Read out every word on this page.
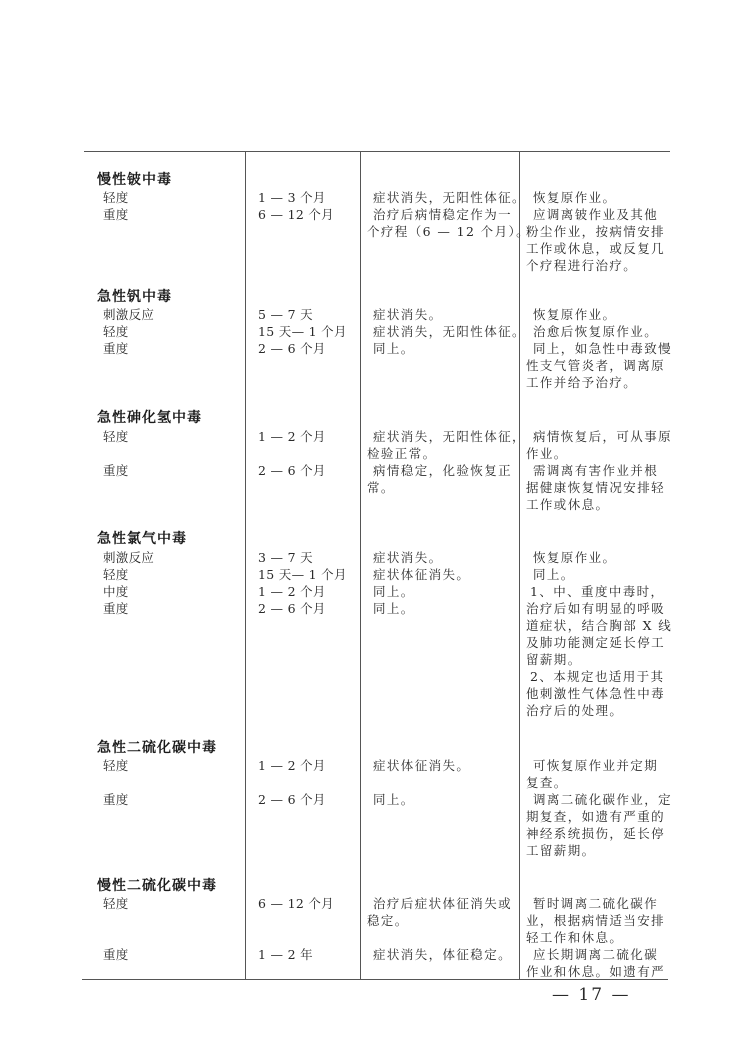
慢性铍中毒
轻度
重度
1 — 3 个月
6 — 12 个月
症状消失，无阳性体征。
治疗后病情稳定作为一
个疗程（6 — 12 个月）。
恢复原作业。
应调离铍作业及其他
粉尘作业，按病情安排
工作或休息，或反复几
个疗程进行治疗。
急性钒中毒
刺激反应
轻度
重度
5 — 7 天
15 天— 1 个月
2 — 6 个月
症状消失。
症状消失，无阳性体征。
同上。
恢复原作业。
治愈后恢复原作业。
同上，如急性中毒致慢
性支气管炎者，调离原
工作并给予治疗。
急性砷化氢中毒
轻度
重度
1 — 2 个月
2 — 6 个月
症状消失，无阳性体征，
检验正常。
病情稳定，化验恢复正
常。
病情恢复后，可从事原
作业。
需调离有害作业并根
据健康恢复情况安排轻
工作或休息。
急性氯气中毒
刺激反应
轻度
中度
重度
3 — 7 天
15 天— 1 个月
1 — 2 个月
2 — 6 个月
症状消失。
症状体征消失。
同上。
同上。
恢复原作业。
同上。
1、中、重度中毒时，
治疗后如有明显的呼吸
道症状，结合胸部 X 线
及肺功能测定延长停工
留薪期。
2、本规定也适用于其
他刺激性气体急性中毒
治疗后的处理。
急性二硫化碳中毒
轻度
重度
1 — 2 个月
2 — 6 个月
症状体征消失。
同上。
可恢复原作业并定期
复查。
调离二硫化碳作业，定
期复查，如遗有严重的
神经系统损伤，延长停
工留薪期。
慢性二硫化碳中毒
轻度
重度
6 — 12 个月
1 — 2 年
治疗后症状体征消失或
稳定。
症状消失，体征稳定。
暂时调离二硫化碳作
业，根据病情适当安排
轻工作和休息。
应长期调离二硫化碳
作业和休息。如遗有严
— 17 —
